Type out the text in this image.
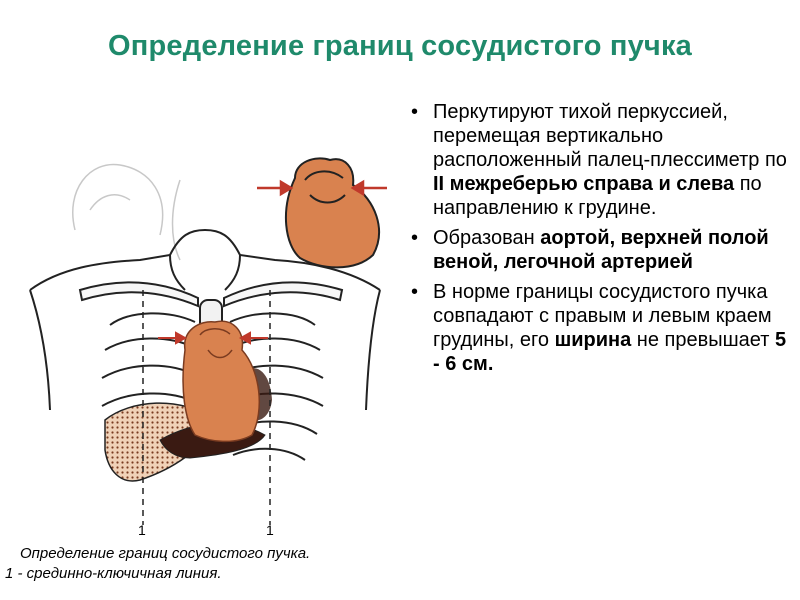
Определение границ сосудистого пучка
1	1
• Перкутируют тихой перкуссией, перемещая вертикально расположенный палец-плессиметр по II межреберью справа и слева по направлению к грудине.
• Образован аортой, верхней полой веной, легочной артерией
• В норме границы сосудистого пучка совпадают с правым и левым краем грудины, его ширина не превышает 5 - 6 см.
Определение границ сосудистого пучка.
1 - срединно-ключичная линия.
